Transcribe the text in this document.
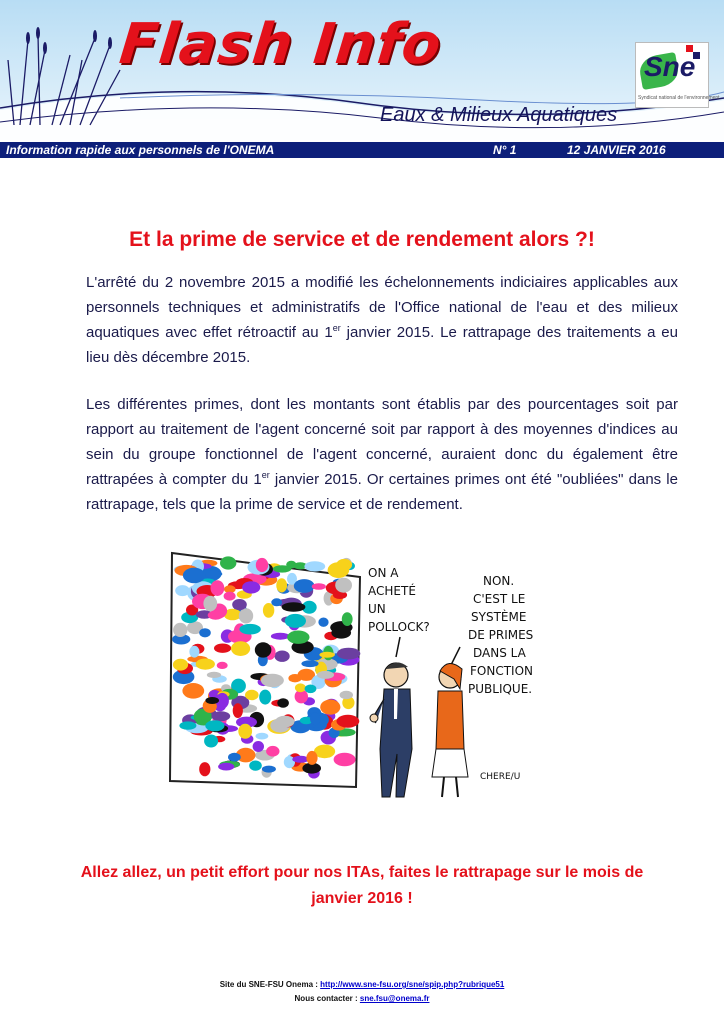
Flash Info

Eaux & Milieux Aquatiques

Sne
Syndicat national de l'environnement
Information rapide aux personnels de l'ONEMA	N° 1	12 JANVIER 2016
Et la prime de service et de rendement alors ?!

L'arrêté du 2 novembre 2015 a modifié les échelonnements indiciaires applicables aux personnels techniques et administratifs de l'Office national de l'eau et des milieux aquatiques avec effet rétroactif au 1er janvier 2015. Le rattrapage des traitements a eu lieu dès décembre 2015.

Les différentes primes, dont les montants sont établis par des pourcentages soit par rapport au traitement de l'agent concerné soit par rapport à des moyennes d'indices au sein du groupe fonctionnel de l'agent concerné, auraient donc du également être rattrapées à compter du 1er janvier 2015. Or certaines primes ont été "oubliées" dans le rattrapage, tels que la prime de service et de rendement.

ON A
ACHETÉ
UN
POLLOCK?
NON.
C'EST LE
SYSTÈME
DE PRIMES
DANS LA
FONCTION
PUBLIQUE.
CHERE/U

Allez allez, un petit effort pour nos ITAs, faites le rattrapage sur le mois de
janvier 2016 !

Site du SNE-FSU Onema : http://www.sne-fsu.org/sne/spip.php?rubrique51
Nous contacter : sne.fsu@onema.fr
